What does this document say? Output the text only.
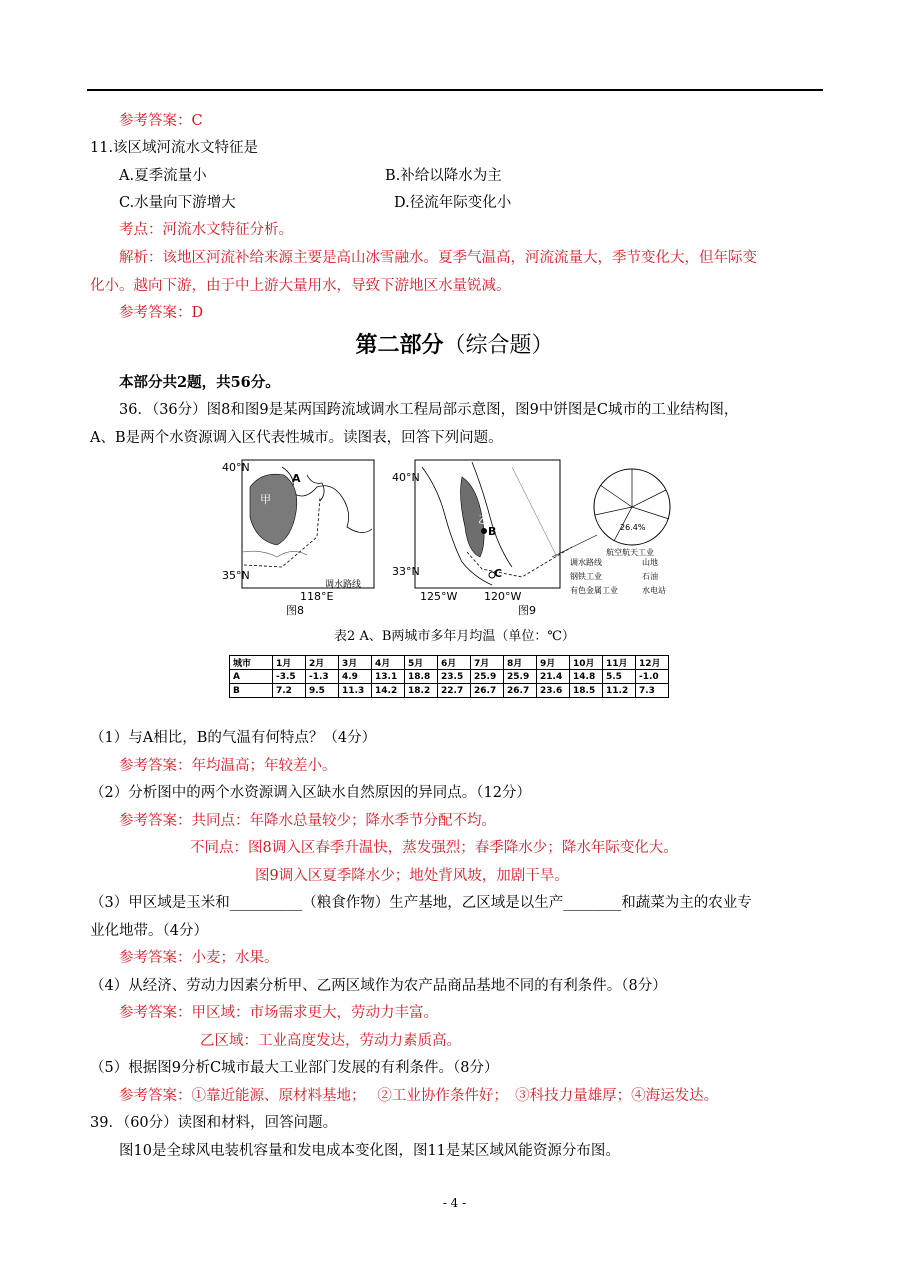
参考答案：C
11.该区域河流水文特征是
A.夏季流量小	B.补给以降水为主
C.水量向下游增大	D.径流年际变化小
考点：河流水文特征分析。
解析：该地区河流补给来源主要是高山冰雪融水。夏季气温高，河流流量大，季节变化大，但年际变
化小。越向下游，由于中上游大量用水，导致下游地区水量锐减。
参考答案：D
第二部分（综合题）
本部分共2题，共56分。
36．（36分）图8和图9是某两国跨流域调水工程局部示意图，图9中饼图是C城市的工业结构图，
A、B是两个水资源调入区代表性城市。读图表，回答下列问题。
40°N
35°N
118°E
调水路线
甲
A
图8
40°N
33°N
125°W 120°W
乙
B
C
图9
26.4%
航空航天工业
调水路线	山地
钢铁工业	石油
有色金属工业	水电站
表2 A、B两城市多年月均温（单位：℃）
城市	1月	2月	3月	4月	5月	6月	7月	8月	9月	10月	11月	12月
A	-3.5	-1.3	4.9	13.1	18.8	23.5	25.9	25.9	21.4	14.8	5.5	-1.0
B	7.2	9.5	11.3	14.2	18.2	22.7	26.7	26.7	23.6	18.5	11.2	7.3
（1）与A相比，B的气温有何特点？（4分）
参考答案：年均温高；年较差小。
（2）分析图中的两个水资源调入区缺水自然原因的异同点。（12分）
参考答案：共同点：年降水总量较少；降水季节分配不均。
不同点：图8调入区春季升温快，蒸发强烈；春季降水少；降水年际变化大。
图9调入区夏季降水少；地处背风坡，加剧干旱。
（3）甲区域是玉米和__________（粮食作物）生产基地，乙区域是以生产________和蔬菜为主的农业专
业化地带。（4分）
参考答案：小麦；水果。
（4）从经济、劳动力因素分析甲、乙两区域作为农产品商品基地不同的有利条件。（8分）
参考答案：甲区域：市场需求更大，劳动力丰富。
乙区域：工业高度发达，劳动力素质高。
（5）根据图9分析C城市最大工业部门发展的有利条件。（8分）
参考答案：①靠近能源、原材料基地；　 ②工业协作条件好；　③科技力量雄厚；④海运发达。
39．（60分）读图和材料，回答问题。
图10是全球风电装机容量和发电成本变化图，图11是某区域风能资源分布图。
- 4 -
